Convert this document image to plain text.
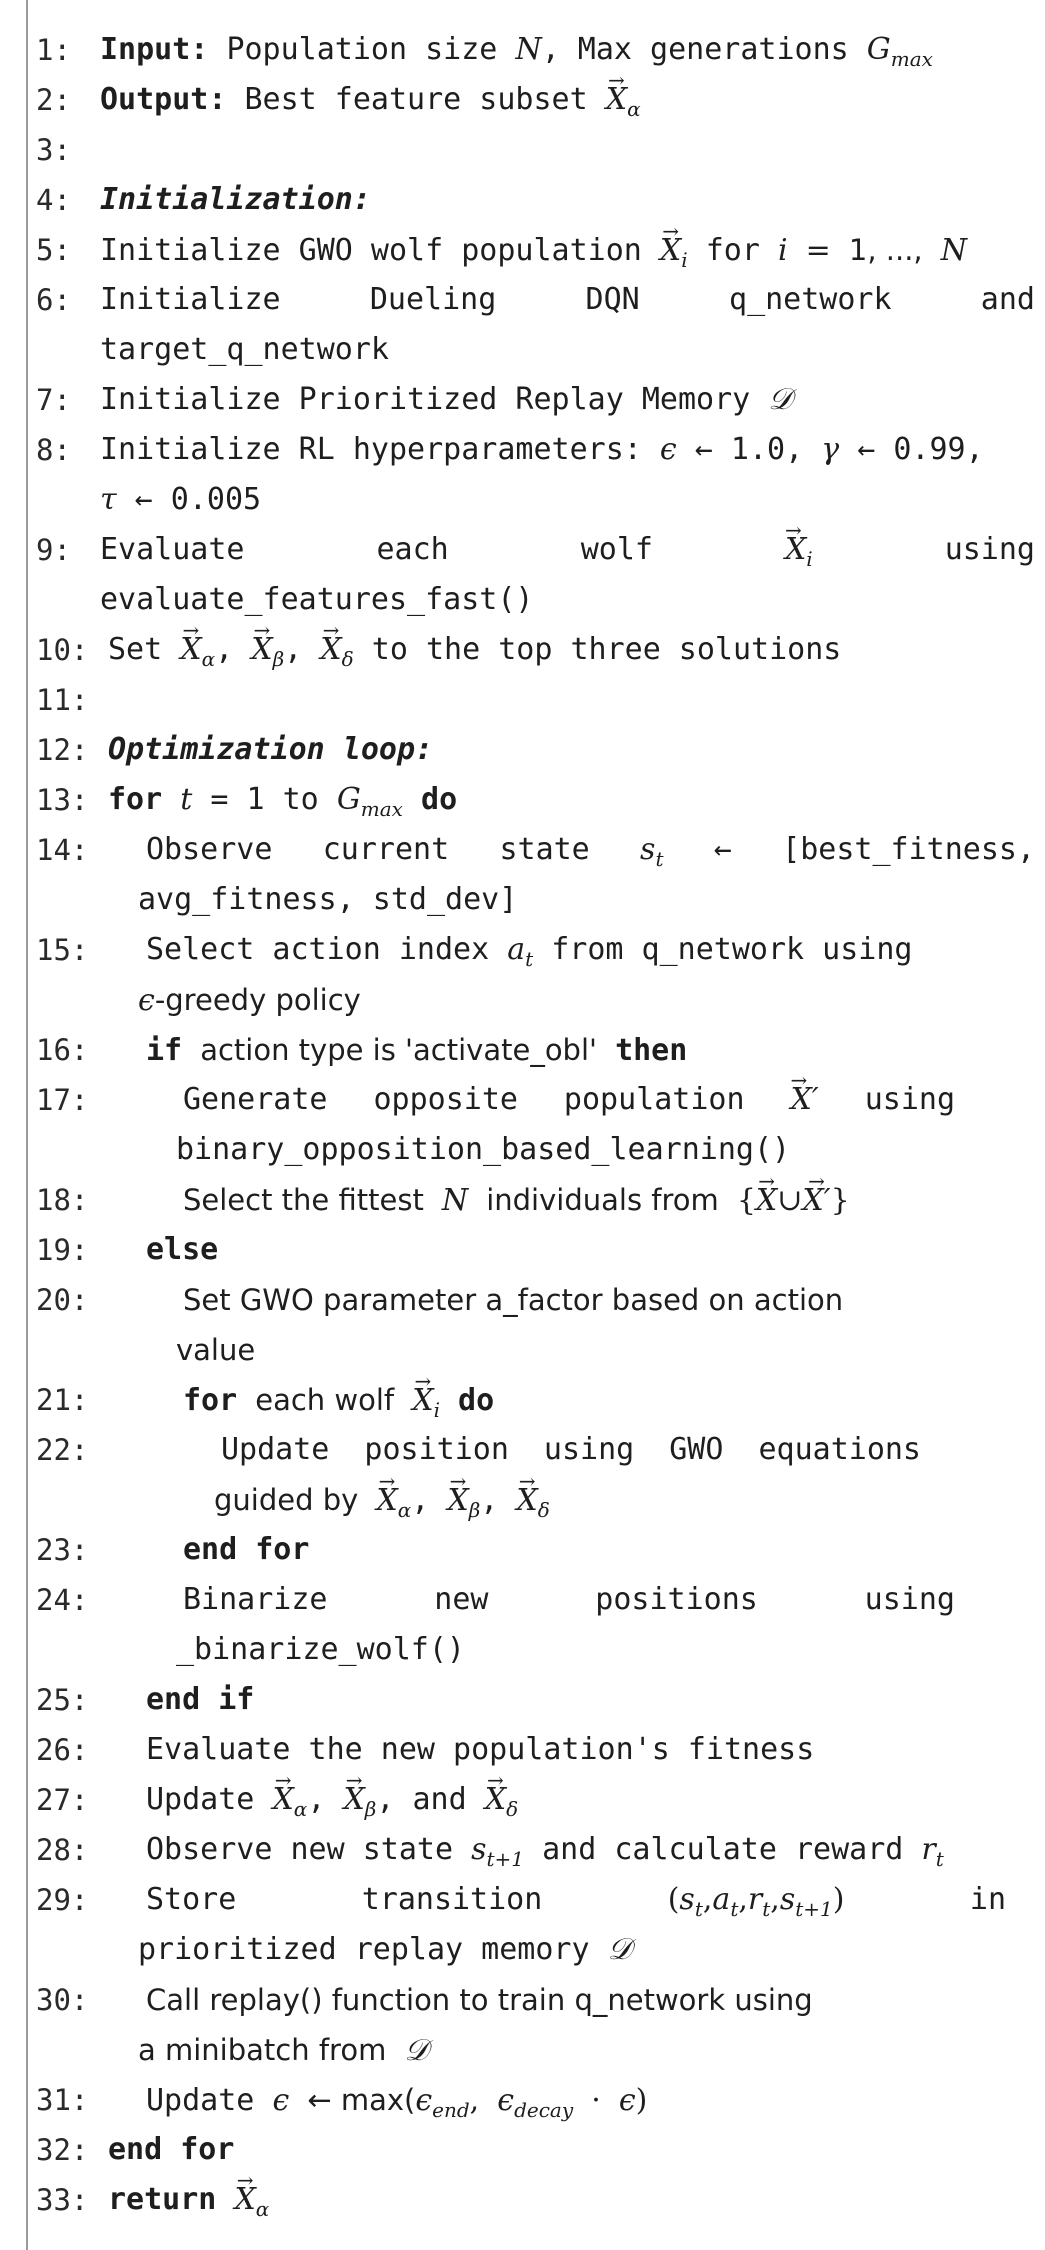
1:
2:
3:
4:
5:
6:
7:
8:
9:
10:
11:
12:
13:
14:
15:
16:
17:
18:
19:
20:
21:
22:
23:
24:
25:
26:
27:
28:
29:
30:
31:
32:
33:
Input: Population size N, Max generations $G_{max}$
Output: Best feature subset → $X_\alpha$
Initialization:
Initialize GWO wolf population → $X_i$ for i = 1, ..., N
Initialize Dueling DQN q_network and
target_q_network
Initialize Prioritized Replay Memory 𝒟
Initialize RL hyperparameters: ϵ ← 1.0, γ ← 0.99,
τ ← 0.005
Evaluate each wolf	→ $X_i$	using
evaluate_features_fast()
Set → $X_\alpha$, → $X_\beta$, → $X_\delta$ to the top three solutions
Optimization loop:
for t = 1 to $G_{max}$ do
Observe current state $s_t$ ← [best_fitness,
avg_fitness, std_dev]
Select action index $a_t$ from q_network using
ϵ-greedy policy
if action type is 'activate_obl' then
Generate opposite population → X′ using
binary_opposition_based_learning()
Select the fittest N individuals from {→ X∪→ X′}
else
Set GWO parameter a_factor based on action
value
for each wolf → $X_i$ do
Update position using GWO equations
guided by → $X_\alpha$, → $X_\beta$, → $X_\delta$
end for
Binarize new positions using
_binarize_wolf()
end if
Evaluate the new population's fitness
Update → $X_\alpha$, → $X_\beta$, and → $X_\delta$
Observe new state $s_{t+1}$ and calculate reward $r_t$
Store transition	$(s_t,a_t,r_t,s_{t+1})$	in
prioritized replay memory 𝒟
Call replay() function to train q_network using
a minibatch from 𝒟
Update ϵ ← $\max(\epsilon_{end}$, $\epsilon_{decay} \cdot \epsilon$)
end for
return → $X_\alpha$
